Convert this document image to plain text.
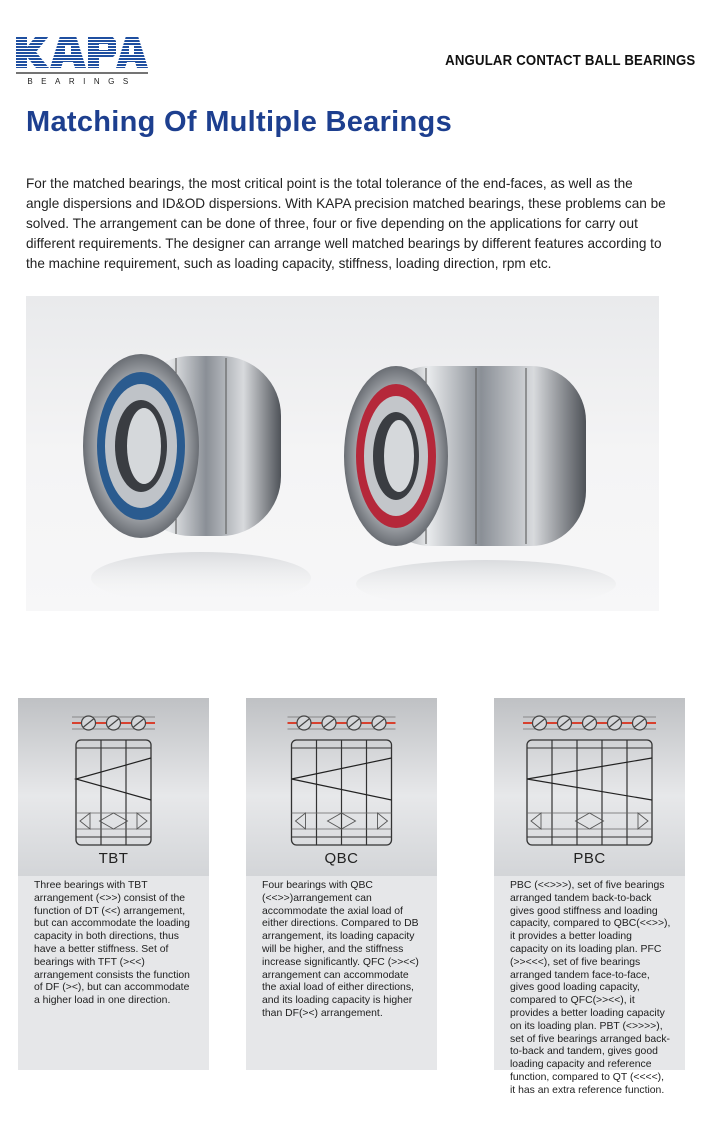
BEARINGS
ANGULAR CONTACT BALL BEARINGS
Matching Of Multiple Bearings

For the matched bearings, the most critical point is the total tolerance of the end-faces, as well as the angle dispersions and ID&OD dispersions. With KAPA precision matched bearings, these problems can be solved. The arrangement can be done of three, four or five depending on the applications for carry out different requirements. The designer can arrange well matched bearings by different features according to the machine requirement, such as loading capacity, stiffness, loading direction, rpm etc.

TBT

Three bearings with TBT arrangement (<>>) consist of the function of DT (<<) arrangement, but can accommodate the loading capacity in both directions, thus have a better stiffness. Set of bearings with TFT (><<) arrangement consists the function of DF (><), but can accommodate a higher load in one direction.

QBC

Four bearings with QBC (<<>>)arrangement can accommodate the axial load of either directions. Compared to DB arrangement, its loading capacity will be higher, and the stiffness increase significantly. QFC (>><<) arrangement can accommodate the axial load of either directions, and its loading capacity is higher than DF(><) arrangement.

PBC

PBC (<<>>>), set of five bearings arranged tandem back-to-back gives good stiffness and loading capacity, compared to QBC(<<>>), it provides a better loading capacity on its loading plan. PFC (>><<<), set of five bearings arranged tandem face-to-face, gives good loading capacity, compared to QFC(>><<), it provides a better loading capacity on its loading plan. PBT (<>>>>), set of five bearings arranged back-to-back and tandem, gives good loading capacity and reference function, compared to QT (<<<<), it has an extra reference function.
